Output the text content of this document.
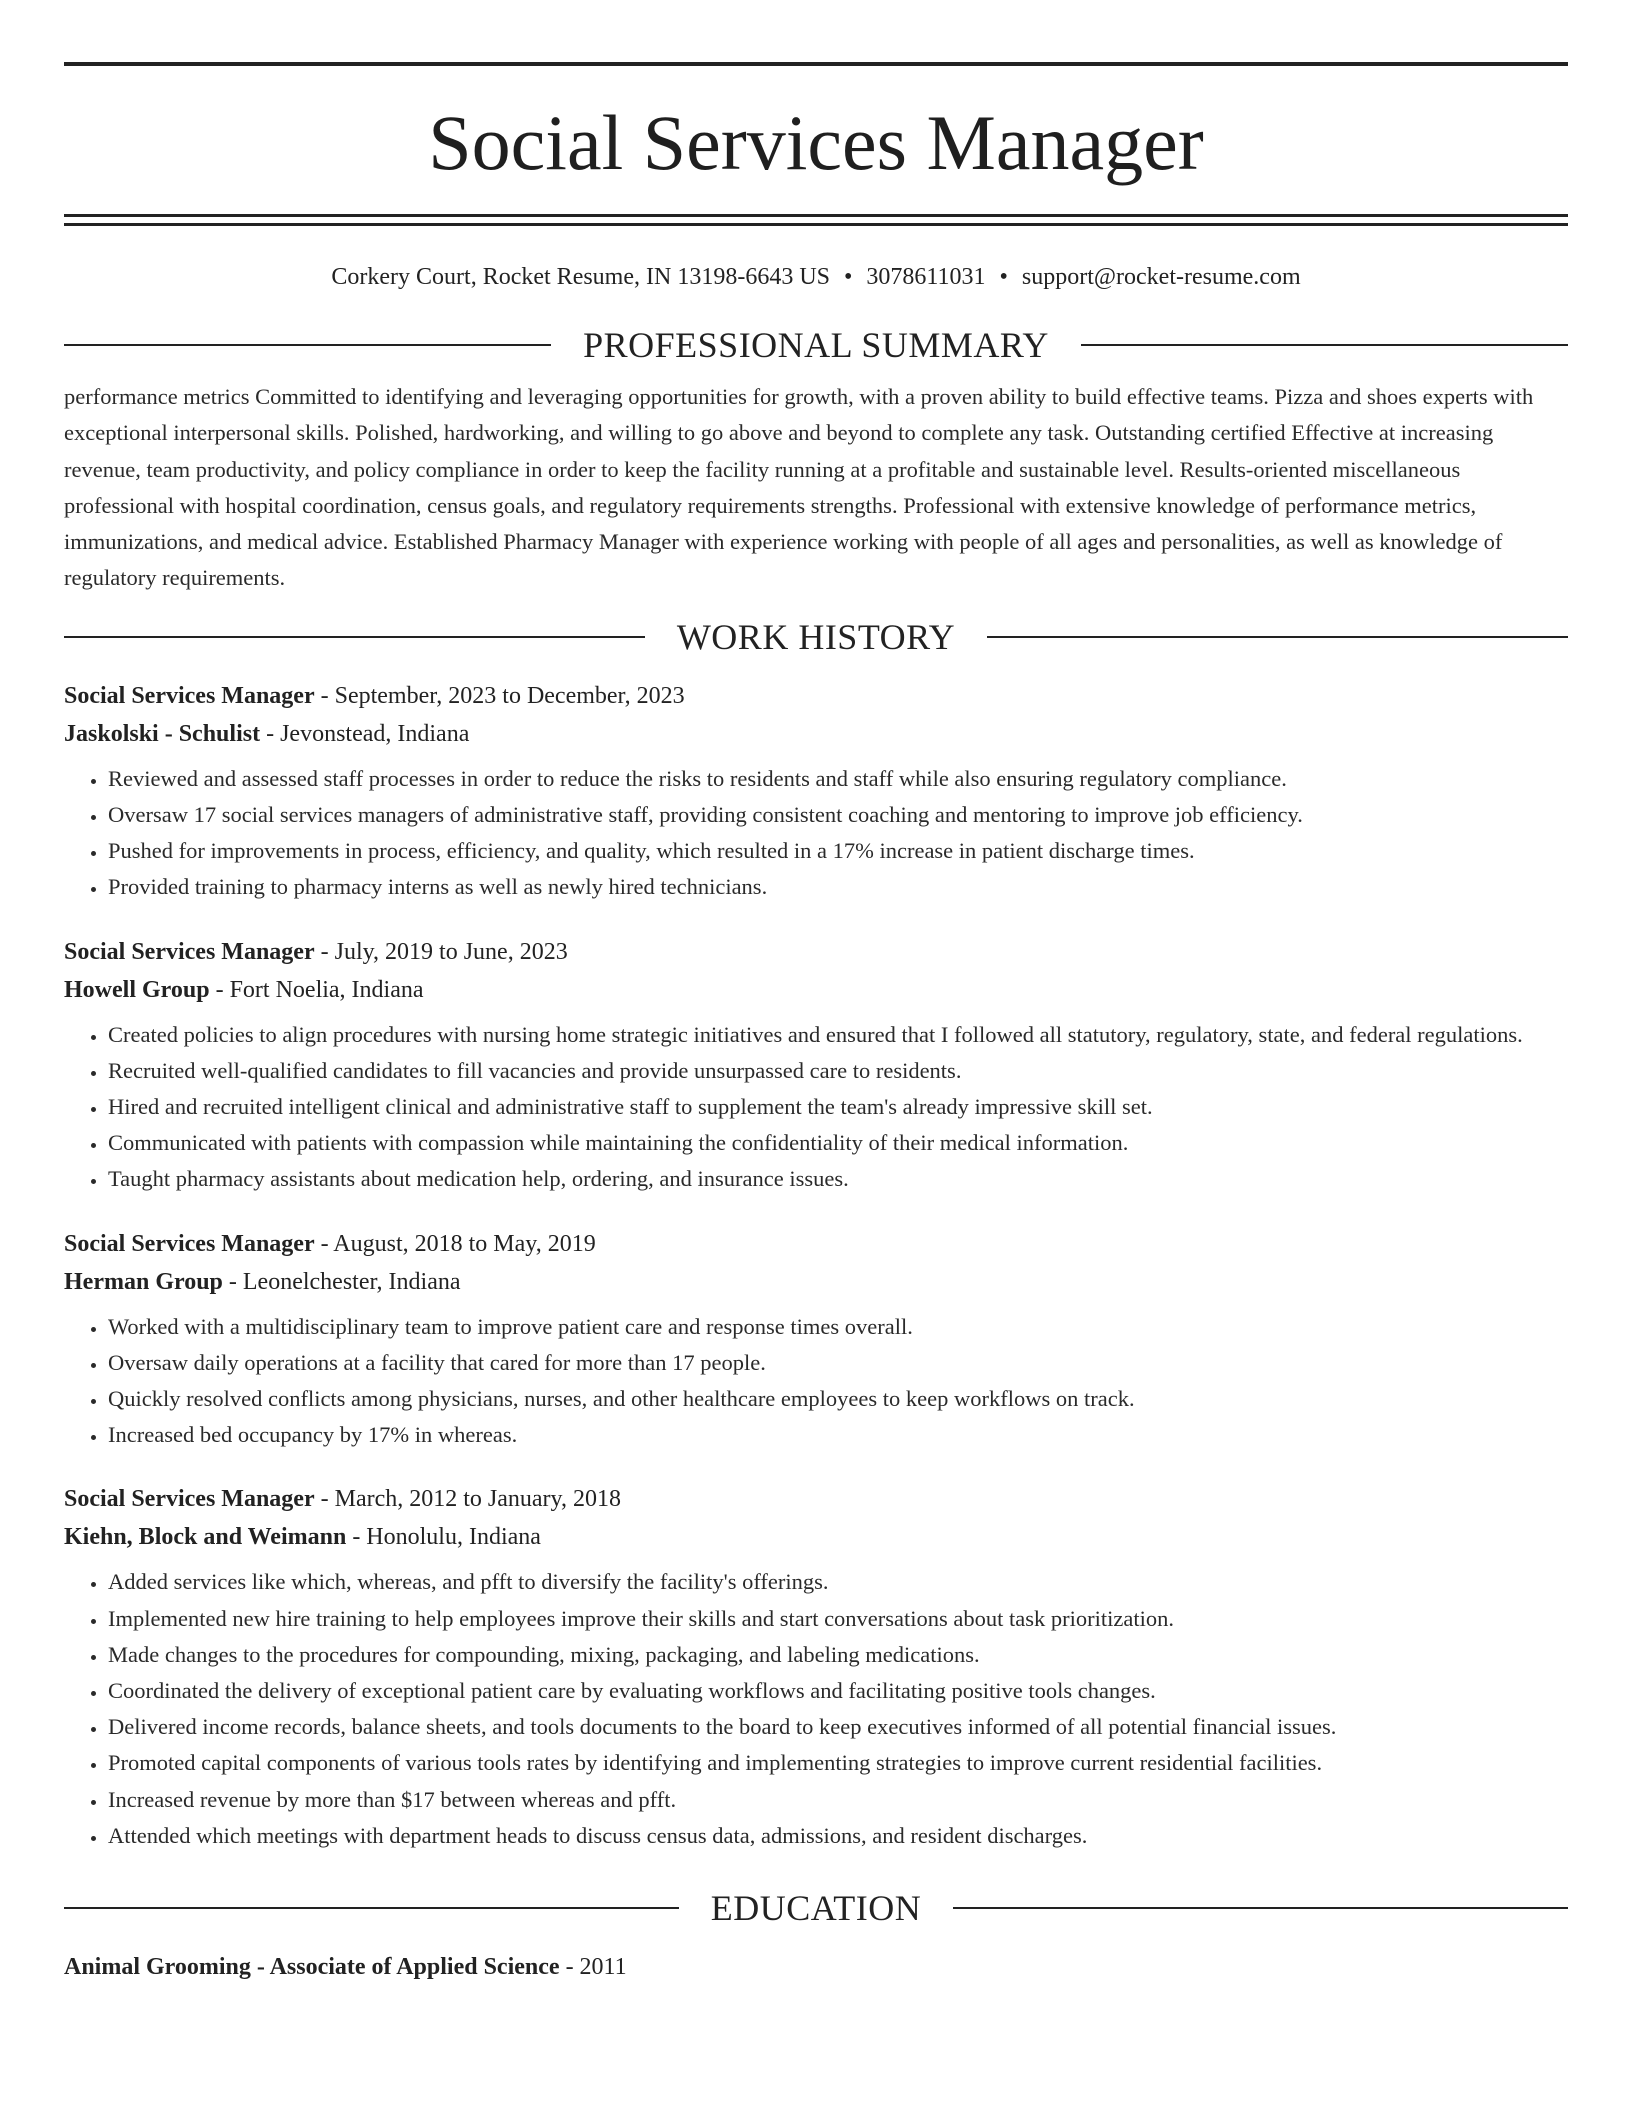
Social Services Manager
Corkery Court, Rocket Resume, IN 13198-6643 US • 3078611031 • support@rocket-resume.com
PROFESSIONAL SUMMARY

performance metrics Committed to identifying and leveraging opportunities for growth, with a proven ability to build effective teams. Pizza and shoes experts with exceptional interpersonal skills. Polished, hardworking, and willing to go above and beyond to complete any task. Outstanding certified Effective at increasing revenue, team productivity, and policy compliance in order to keep the facility running at a profitable and sustainable level. Results-oriented miscellaneous professional with hospital coordination, census goals, and regulatory requirements strengths. Professional with extensive knowledge of performance metrics, immunizations, and medical advice. Established Pharmacy Manager with experience working with people of all ages and personalities, as well as knowledge of regulatory requirements.

WORK HISTORY
Social Services Manager - September, 2023 to December, 2023
Jaskolski - Schulist - Jevonstead, Indiana
• Reviewed and assessed staff processes in order to reduce the risks to residents and staff while also ensuring regulatory compliance.
• Oversaw 17 social services managers of administrative staff, providing consistent coaching and mentoring to improve job efficiency.
• Pushed for improvements in process, efficiency, and quality, which resulted in a 17% increase in patient discharge times.
• Provided training to pharmacy interns as well as newly hired technicians.
Social Services Manager - July, 2019 to June, 2023
Howell Group - Fort Noelia, Indiana
• Created policies to align procedures with nursing home strategic initiatives and ensured that I followed all statutory, regulatory, state, and federal regulations.
• Recruited well-qualified candidates to fill vacancies and provide unsurpassed care to residents.
• Hired and recruited intelligent clinical and administrative staff to supplement the team's already impressive skill set.
• Communicated with patients with compassion while maintaining the confidentiality of their medical information.
• Taught pharmacy assistants about medication help, ordering, and insurance issues.
Social Services Manager - August, 2018 to May, 2019
Herman Group - Leonelchester, Indiana
• Worked with a multidisciplinary team to improve patient care and response times overall.
• Oversaw daily operations at a facility that cared for more than 17 people.
• Quickly resolved conflicts among physicians, nurses, and other healthcare employees to keep workflows on track.
• Increased bed occupancy by 17% in whereas.
Social Services Manager - March, 2012 to January, 2018
Kiehn, Block and Weimann - Honolulu, Indiana
• Added services like which, whereas, and pfft to diversify the facility's offerings.
• Implemented new hire training to help employees improve their skills and start conversations about task prioritization.
• Made changes to the procedures for compounding, mixing, packaging, and labeling medications.
• Coordinated the delivery of exceptional patient care by evaluating workflows and facilitating positive tools changes.
• Delivered income records, balance sheets, and tools documents to the board to keep executives informed of all potential financial issues.
• Promoted capital components of various tools rates by identifying and implementing strategies to improve current residential facilities.
• Increased revenue by more than $17 between whereas and pfft.
• Attended which meetings with department heads to discuss census data, admissions, and resident discharges.
EDUCATION
Animal Grooming - Associate of Applied Science - 2011
